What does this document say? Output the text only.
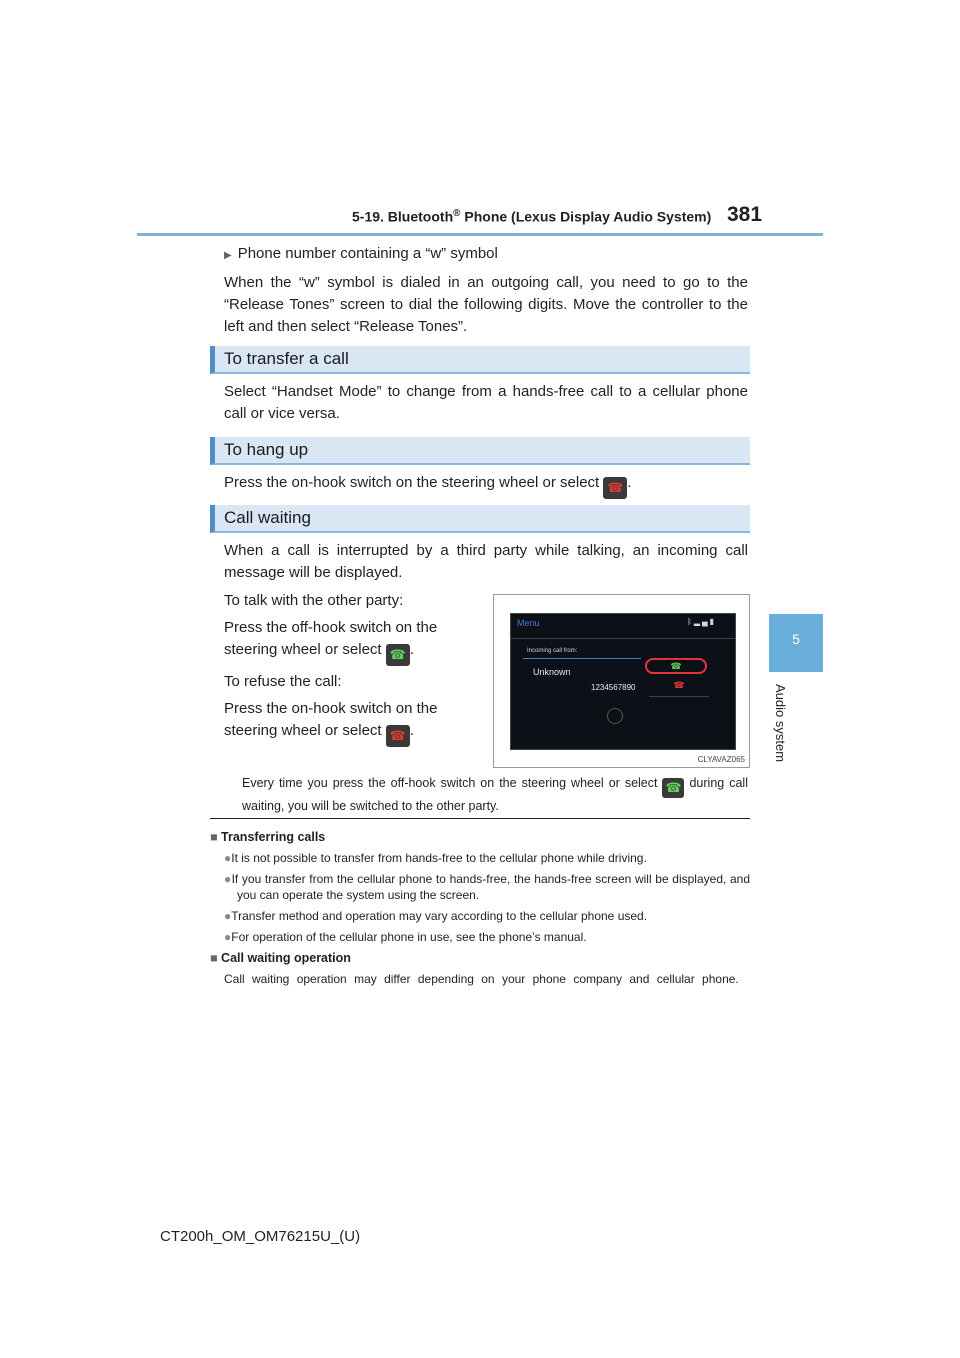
5-19. Bluetooth® Phone (Lexus Display Audio System) 381
5
Audio system

▶ Phone number containing a “w” symbol

When the “w” symbol is dialed in an outgoing call, you need to go to the “Release Tones” screen to dial the following digits. Move the controller to the left and then select “Release Tones”.

To transfer a call

Select “Handset Mode” to change from a hands-free call to a cellular phone call or vice versa.

To hang up

Press the on-hook switch on the steering wheel or select ☎ .

Call waiting

When a call is interrupted by a third party while talking, an incoming call message will be displayed.

To talk with the other party:

Press the off-hook switch on the steering wheel or select ☎ .

To refuse the call:

Press the on-hook switch on the steering wheel or select ☎ .

Menu	ᛒ▂▄▮
Incoming call from:
Unknown
1234567890
☎
☎
CLYAVAZ065

Every time you press the off-hook switch on the steering wheel or select ☎ during call waiting, you will be switched to the other party.

■ Transferring calls

●It is not possible to transfer from hands-free to the cellular phone while driving.

●If you transfer from the cellular phone to hands-free, the hands-free screen will be displayed, and you can operate the system using the screen.

●Transfer method and operation may vary according to the cellular phone used.

●For operation of the cellular phone in use, see the phone’s manual.

■ Call waiting operation

Call waiting operation may differ depending on your phone company and cellular phone.

CT200h_OM_OM76215U_(U)
